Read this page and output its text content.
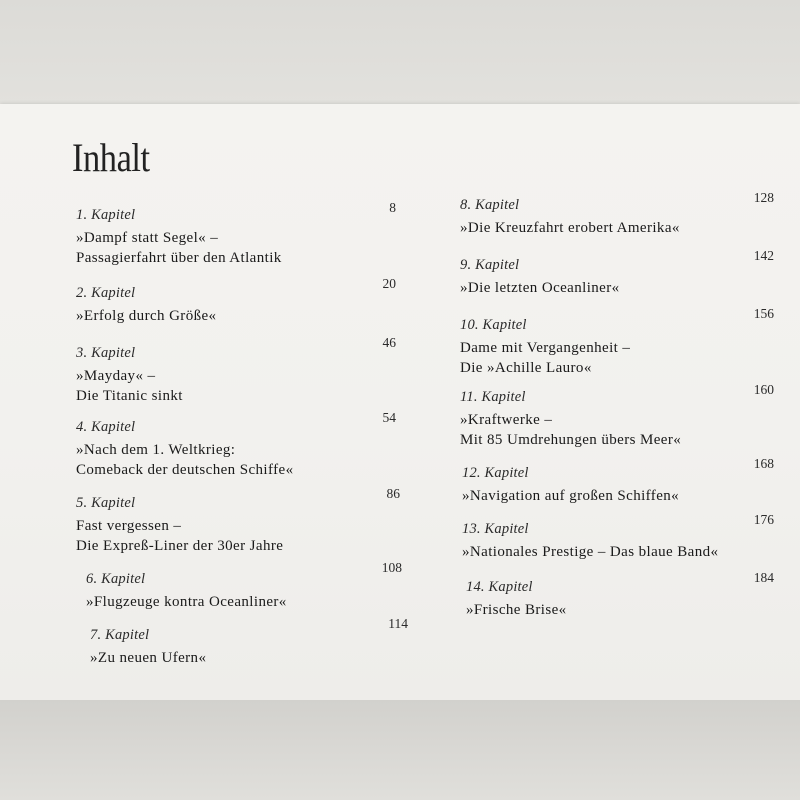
Inhalt
1. Kapitel
»Dampf statt Segel« –
Passagierfahrt über den Atlantik
8
2. Kapitel
»Erfolg durch Größe«
20
3. Kapitel
»Mayday« –
Die Titanic sinkt
46
4. Kapitel
»Nach dem 1. Weltkrieg:
Comeback der deutschen Schiffe«
54
5. Kapitel
Fast vergessen –
Die Expreß-Liner der 30er Jahre
86
6. Kapitel
»Flugzeuge kontra Oceanliner«
108
7. Kapitel
»Zu neuen Ufern«
114
8. Kapitel
»Die Kreuzfahrt erobert Amerika«
128
9. Kapitel
»Die letzten Oceanliner«
142
10. Kapitel
Dame mit Vergangenheit –
Die »Achille Lauro«
156
11. Kapitel
»Kraftwerke –
Mit 85 Umdrehungen übers Meer«
160
12. Kapitel
»Navigation auf großen Schiffen«
168
13. Kapitel
»Nationales Prestige – Das blaue Band«
176
14. Kapitel
»Frische Brise«
184
